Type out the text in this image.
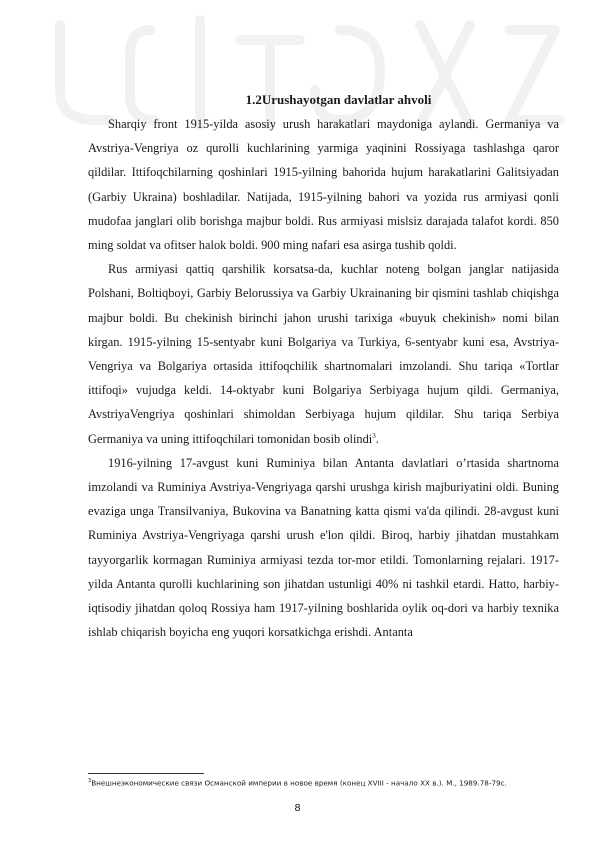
1.2Urushayotgan davlatlar ahvoli

Sharqiy front 1915-yilda asosiy urush harakatlari maydoniga aylandi. Germaniya va Avstriya-Vengriya oz qurolli kuchlarining yarmiga yaqinini Rossiyaga tashlashga qaror qildilar. Ittifoqchilarning qoshinlari 1915-yilning bahorida hujum harakatlarini Galitsiyadan (Garbiy Ukraina) boshladilar. Natijada, 1915-yilning bahori va yozida rus armiyasi qonli mudofaa janglari olib borishga majbur boldi. Rus armiyasi mislsiz darajada talafot kordi. 850 ming soldat va ofitser halok boldi. 900 ming nafari esa asirga tushib qoldi.

Rus armiyasi qattiq qarshilik korsatsa-da, kuchlar noteng bolgan janglar natijasida Polshani, Boltiqboyi, Garbiy Belorussiya va Garbiy Ukrainaning bir qismini tashlab chiqishga majbur boldi. Bu chekinish birinchi jahon urushi tarixiga «buyuk chekinish» nomi bilan kirgan. 1915-yilning 15-sentyabr kuni Bolgariya va Turkiya, 6-sentyabr kuni esa, Avstriya-Vengriya va Bolgariya ortasida ittifoqchilik shartnomalari imzolandi. Shu tariqa «Tortlar ittifoqi» vujudga keldi. 14-oktyabr kuni Bolgariya Serbiyaga hujum qildi. Germaniya, AvstriyaVengriya qoshinlari shimoldan Serbiyaga hujum qildilar. Shu tariqa Serbiya Germaniya va uning ittifoqchilari tomonidan bosib olindi$^3$.

1916-yilning 17-avgust kuni Ruminiya bilan Antanta davlatlari o’rtasida shartnoma imzolandi va Ruminiya Avstriya-Vengriyaga qarshi urushga kirish majburiyatini oldi. Buning evaziga unga Transilvaniya, Bukovina va Banatning katta qismi va'da qilindi. 28-avgust kuni Ruminiya Avstriya-Vengriyaga qarshi urush e'lon qildi. Biroq, harbiy jihatdan mustahkam tayyorgarlik kormagan Ruminiya armiyasi tezda tor-mor etildi. Tomonlarning rejalari. 1917-yilda Antanta qurolli kuchlarining son jihatdan ustunligi 40% ni tashkil etardi. Hatto, harbiy-iqtisodiy jihatdan qoloq Rossiya ham 1917-yilning boshlarida oylik oq-dori va harbiy texnika ishlab chiqarish boyicha eng yuqori korsatkichga erishdi. Antanta

$^3$Внешнеэкономические связи Османской империи в новое время (конец XVIII - начало XX в.). М., 1989.78-79с.
8
